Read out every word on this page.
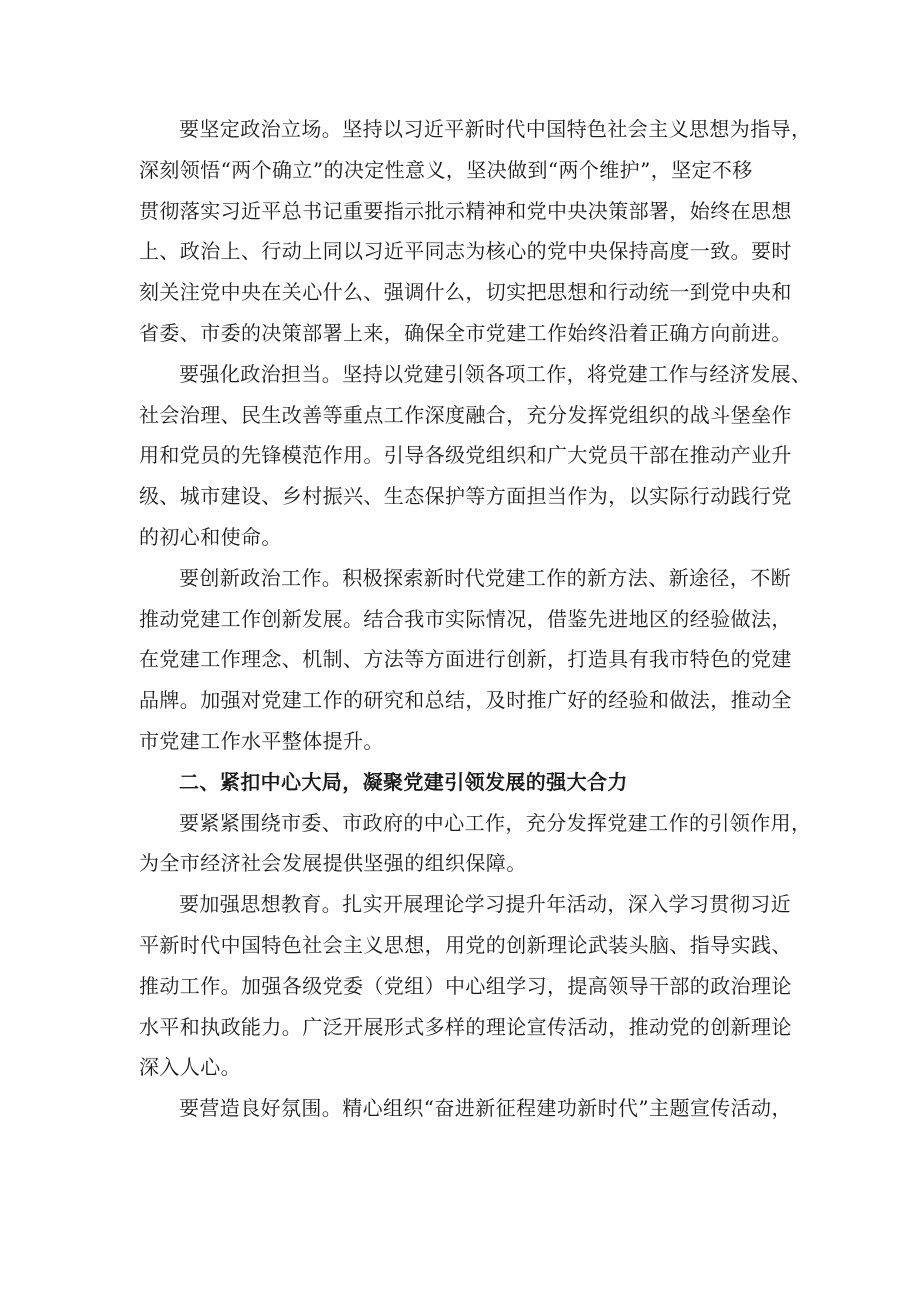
要坚定政治立场。坚持以习近平新时代中国特色社会主义思想为指导，
深刻领悟“两个确立”的决定性意义，坚决做到“两个维护”，坚定不移
贯彻落实习近平总书记重要指示批示精神和党中央决策部署，始终在思想
上、政治上、行动上同以习近平同志为核心的党中央保持高度一致。要时
刻关注党中央在关心什么、强调什么，切实把思想和行动统一到党中央和
省委、市委的决策部署上来，确保全市党建工作始终沿着正确方向前进。

要强化政治担当。坚持以党建引领各项工作，将党建工作与经济发展、
社会治理、民生改善等重点工作深度融合，充分发挥党组织的战斗堡垒作
用和党员的先锋模范作用。引导各级党组织和广大党员干部在推动产业升
级、城市建设、乡村振兴、生态保护等方面担当作为，以实际行动践行党
的初心和使命。

要创新政治工作。积极探索新时代党建工作的新方法、新途径，不断
推动党建工作创新发展。结合我市实际情况，借鉴先进地区的经验做法，
在党建工作理念、机制、方法等方面进行创新，打造具有我市特色的党建
品牌。加强对党建工作的研究和总结，及时推广好的经验和做法，推动全
市党建工作水平整体提升。

二、紧扣中心大局，凝聚党建引领发展的强大合力

要紧紧围绕市委、市政府的中心工作，充分发挥党建工作的引领作用，
为全市经济社会发展提供坚强的组织保障。

要加强思想教育。扎实开展理论学习提升年活动，深入学习贯彻习近
平新时代中国特色社会主义思想，用党的创新理论武装头脑、指导实践、
推动工作。加强各级党委（党组）中心组学习，提高领导干部的政治理论
水平和执政能力。广泛开展形式多样的理论宣传活动，推动党的创新理论
深入人心。

要营造良好氛围。精心组织“奋进新征程建功新时代”主题宣传活动，
